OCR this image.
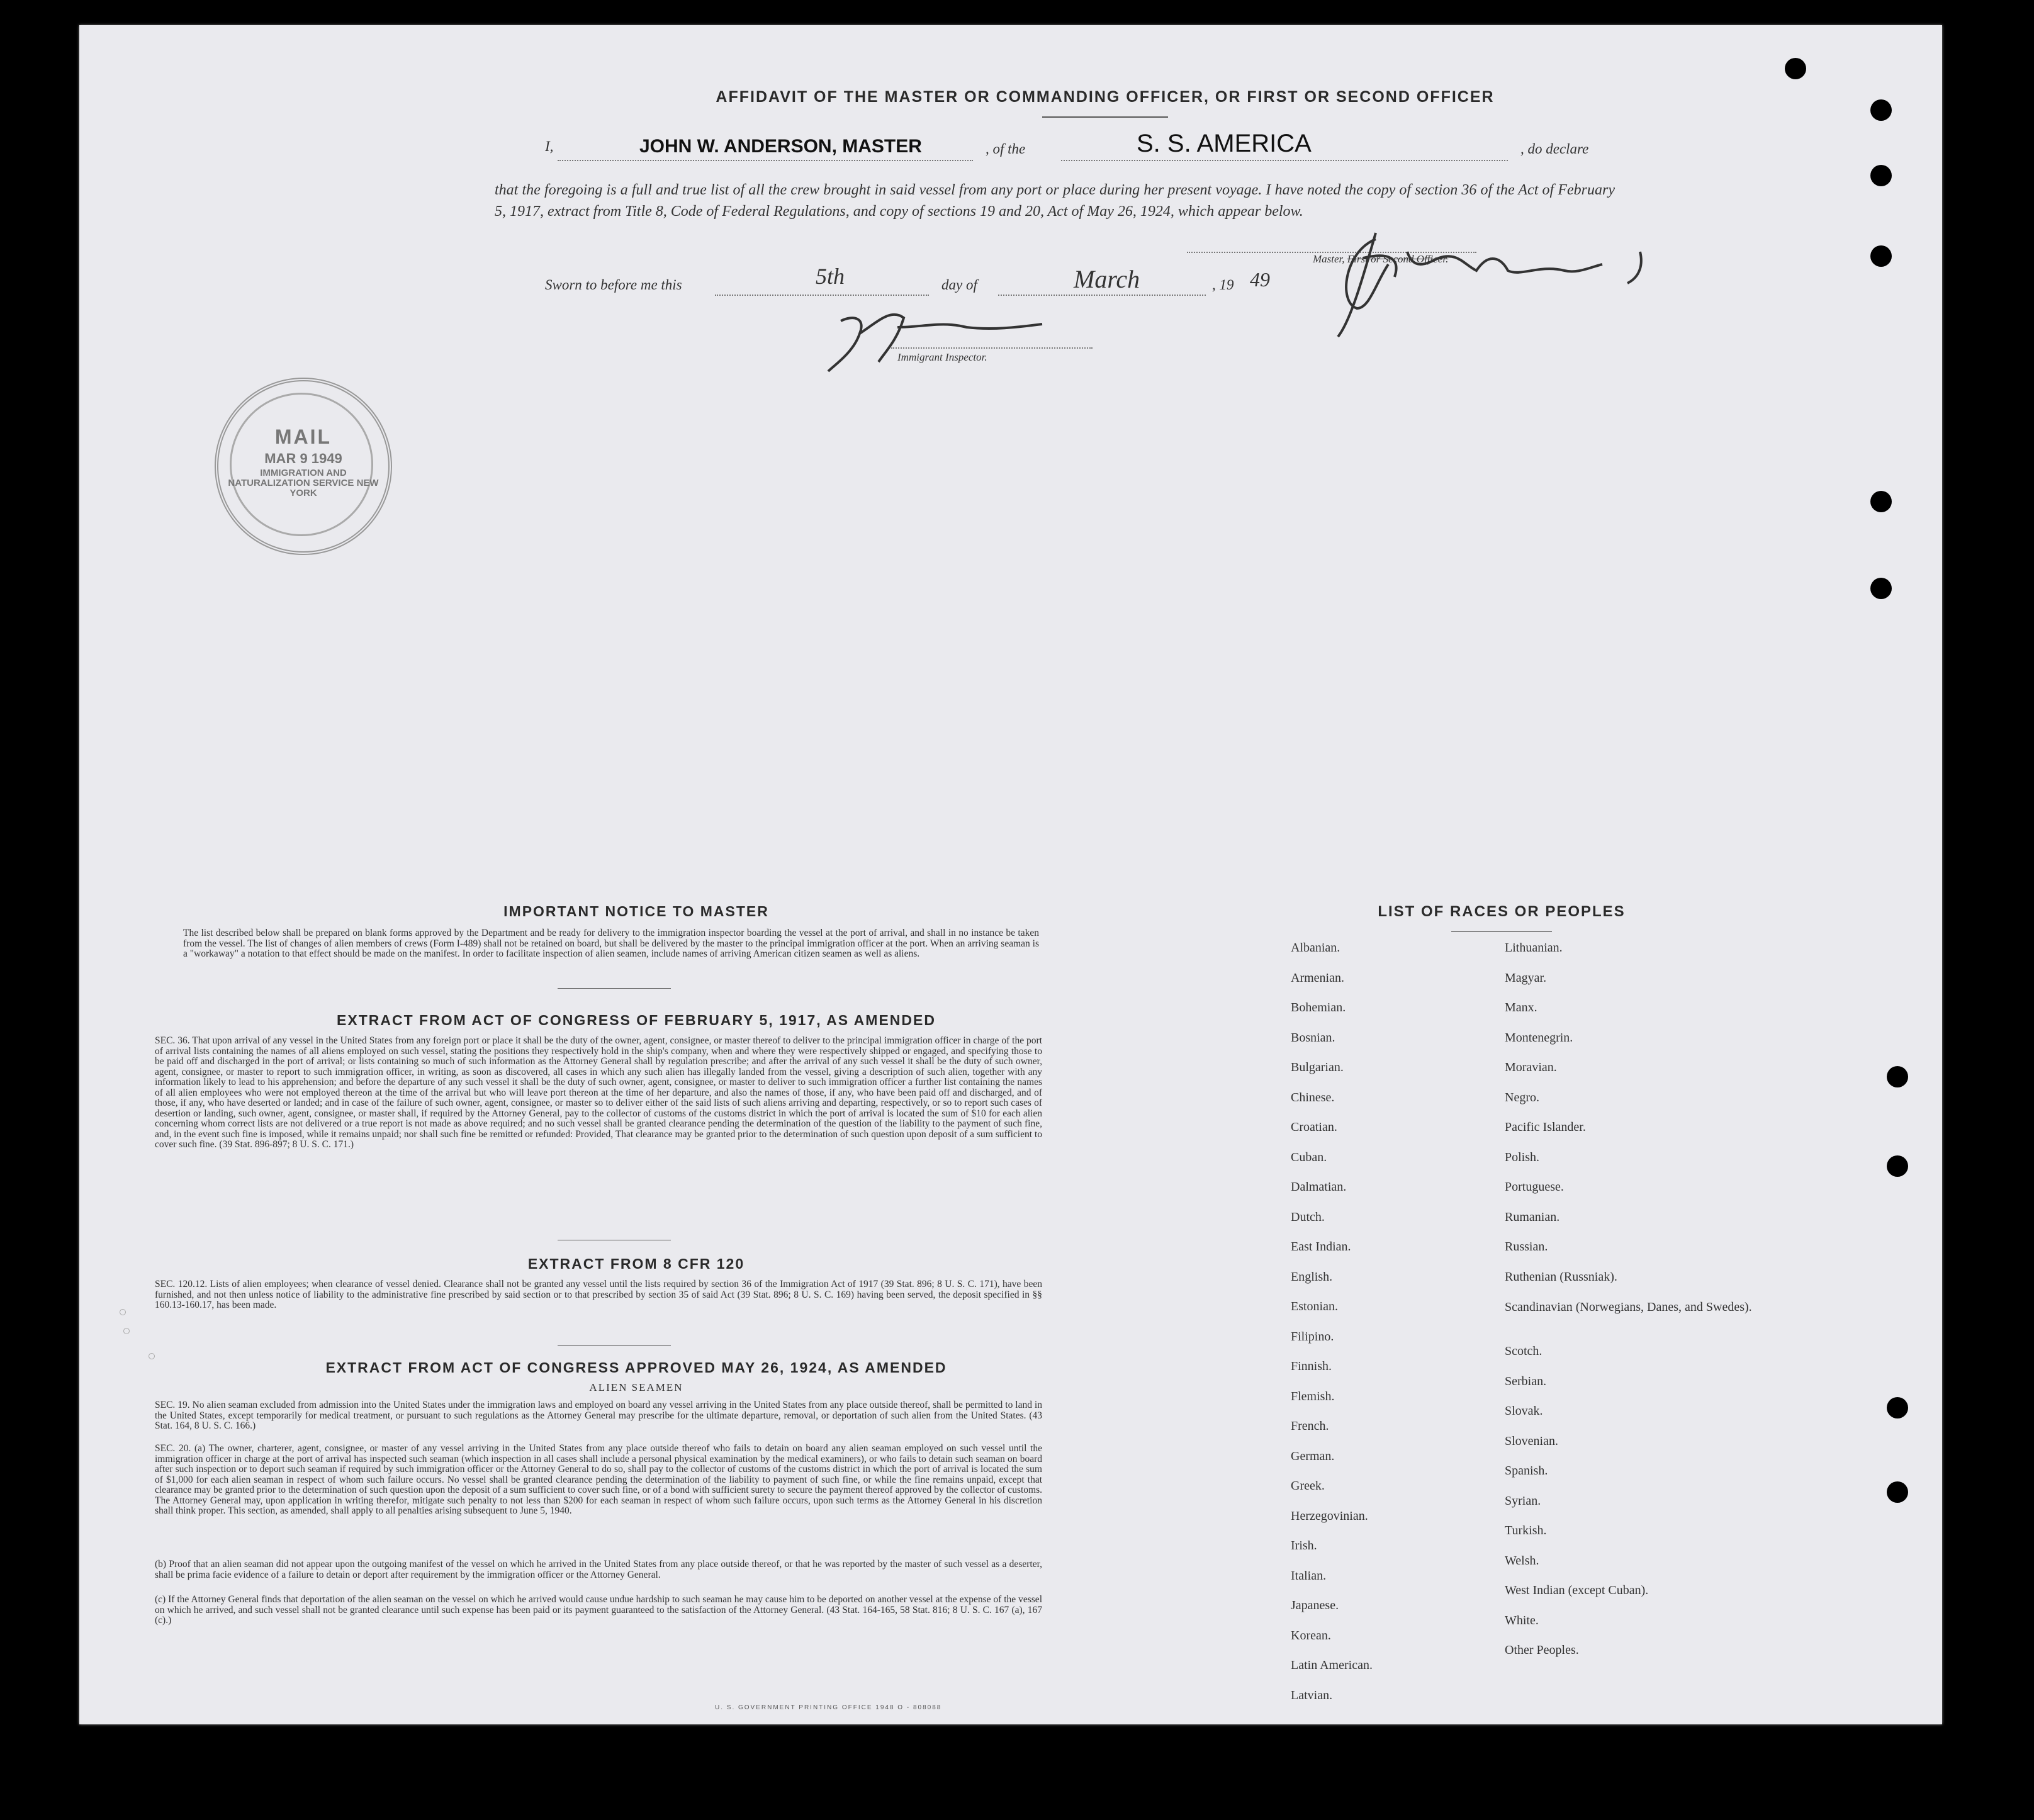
AFFIDAVIT OF THE MASTER OR COMMANDING OFFICER, OR FIRST OR SECOND OFFICER
I,	JOHN W. ANDERSON, MASTER	, of the	S. S. AMERICA	, do declare
that the foregoing is a full and true list of all the crew brought in said vessel from any port or place during her present voyage. I have noted the copy of section 36 of the Act of February 5, 1917, extract from Title 8, Code of Federal Regulations, and copy of sections 19 and 20, Act of May 26, 1924, which appear below.
Master, First or Second Officer.
Sworn to before me this	5th	day of	March	, 19 49
Immigrant Inspector.
MAIL
MAR 9 1949
IMMIGRATION AND NATURALIZATION SERVICE NEW YORK
IMPORTANT NOTICE TO MASTER
The list described below shall be prepared on blank forms approved by the Department and be ready for delivery to the immigration inspector boarding the vessel at the port of arrival, and shall in no instance be taken from the vessel. The list of changes of alien members of crews (Form I-489) shall not be retained on board, but shall be delivered by the master to the principal immigration officer at the port. When an arriving seaman is a "workaway" a notation to that effect should be made on the manifest. In order to facilitate inspection of alien seamen, include names of arriving American citizen seamen as well as aliens.
EXTRACT FROM ACT OF CONGRESS OF FEBRUARY 5, 1917, AS AMENDED
SEC. 36. That upon arrival of any vessel in the United States from any foreign port or place it shall be the duty of the owner, agent, consignee, or master thereof to deliver to the principal immigration officer in charge of the port of arrival lists containing the names of all aliens employed on such vessel, stating the positions they respectively hold in the ship's company, when and where they were respectively shipped or engaged, and specifying those to be paid off and discharged in the port of arrival; or lists containing so much of such information as the Attorney General shall by regulation prescribe; and after the arrival of any such vessel it shall be the duty of such owner, agent, consignee, or master to report to such immigration officer, in writing, as soon as discovered, all cases in which any such alien has illegally landed from the vessel, giving a description of such alien, together with any information likely to lead to his apprehension; and before the departure of any such vessel it shall be the duty of such owner, agent, consignee, or master to deliver to such immigration officer a further list containing the names of all alien employees who were not employed thereon at the time of the arrival but who will leave port thereon at the time of her departure, and also the names of those, if any, who have been paid off and discharged, and of those, if any, who have deserted or landed; and in case of the failure of such owner, agent, consignee, or master so to deliver either of the said lists of such aliens arriving and departing, respectively, or so to report such cases of desertion or landing, such owner, agent, consignee, or master shall, if required by the Attorney General, pay to the collector of customs of the customs district in which the port of arrival is located the sum of $10 for each alien concerning whom correct lists are not delivered or a true report is not made as above required; and no such vessel shall be granted clearance pending the determination of the question of the liability to the payment of such fine, and, in the event such fine is imposed, while it remains unpaid; nor shall such fine be remitted or refunded: Provided, That clearance may be granted prior to the determination of such question upon deposit of a sum sufficient to cover such fine. (39 Stat. 896-897; 8 U. S. C. 171.)
EXTRACT FROM 8 CFR 120
SEC. 120.12. Lists of alien employees; when clearance of vessel denied. Clearance shall not be granted any vessel until the lists required by section 36 of the Immigration Act of 1917 (39 Stat. 896; 8 U. S. C. 171), have been furnished, and not then unless notice of liability to the administrative fine prescribed by said section or to that prescribed by section 35 of said Act (39 Stat. 896; 8 U. S. C. 169) having been served, the deposit specified in §§ 160.13-160.17, has been made.
EXTRACT FROM ACT OF CONGRESS APPROVED MAY 26, 1924, AS AMENDED
ALIEN SEAMEN
SEC. 19. No alien seaman excluded from admission into the United States under the immigration laws and employed on board any vessel arriving in the United States from any place outside thereof, shall be permitted to land in the United States, except temporarily for medical treatment, or pursuant to such regulations as the Attorney General may prescribe for the ultimate departure, removal, or deportation of such alien from the United States. (43 Stat. 164, 8 U. S. C. 166.)
SEC. 20. (a) The owner, charterer, agent, consignee, or master of any vessel arriving in the United States from any place outside thereof who fails to detain on board any alien seaman employed on such vessel until the immigration officer in charge at the port of arrival has inspected such seaman (which inspection in all cases shall include a personal physical examination by the medical examiners), or who fails to detain such seaman on board after such inspection or to deport such seaman if required by such immigration officer or the Attorney General to do so, shall pay to the collector of customs of the customs district in which the port of arrival is located the sum of $1,000 for each alien seaman in respect of whom such failure occurs. No vessel shall be granted clearance pending the determination of the liability to payment of such fine, or while the fine remains unpaid, except that clearance may be granted prior to the determination of such question upon the deposit of a sum sufficient to cover such fine, or of a bond with sufficient surety to secure the payment thereof approved by the collector of customs. The Attorney General may, upon application in writing therefor, mitigate such penalty to not less than $200 for each seaman in respect of whom such failure occurs, upon such terms as the Attorney General in his discretion shall think proper. This section, as amended, shall apply to all penalties arising subsequent to June 5, 1940.
(b) Proof that an alien seaman did not appear upon the outgoing manifest of the vessel on which he arrived in the United States from any place outside thereof, or that he was reported by the master of such vessel as a deserter, shall be prima facie evidence of a failure to detain or deport after requirement by the immigration officer or the Attorney General.
(c) If the Attorney General finds that deportation of the alien seaman on the vessel on which he arrived would cause undue hardship to such seaman he may cause him to be deported on another vessel at the expense of the vessel on which he arrived, and such vessel shall not be granted clearance until such expense has been paid or its payment guaranteed to the satisfaction of the Attorney General. (43 Stat. 164-165, 58 Stat. 816; 8 U. S. C. 167 (a), 167 (c).)
LIST OF RACES OR PEOPLES
Albanian.
Armenian.
Bohemian.
Bosnian.
Bulgarian.
Chinese.
Croatian.
Cuban.
Dalmatian.
Dutch.
East Indian.
English.
Estonian.
Filipino.
Finnish.
Flemish.
French.
German.
Greek.
Herzegovinian.
Irish.
Italian.
Japanese.
Korean.
Latin American.
Latvian.
Lithuanian.
Magyar.
Manx.
Montenegrin.
Moravian.
Negro.
Pacific Islander.
Polish.
Portuguese.
Rumanian.
Russian.
Ruthenian (Russniak).
Scandinavian (Norwegians, Danes, and Swedes).
Scotch.
Serbian.
Slovak.
Slovenian.
Spanish.
Syrian.
Turkish.
Welsh.
West Indian (except Cuban).
White.
Other Peoples.
U. S. GOVERNMENT PRINTING OFFICE 1948 O - 808088
